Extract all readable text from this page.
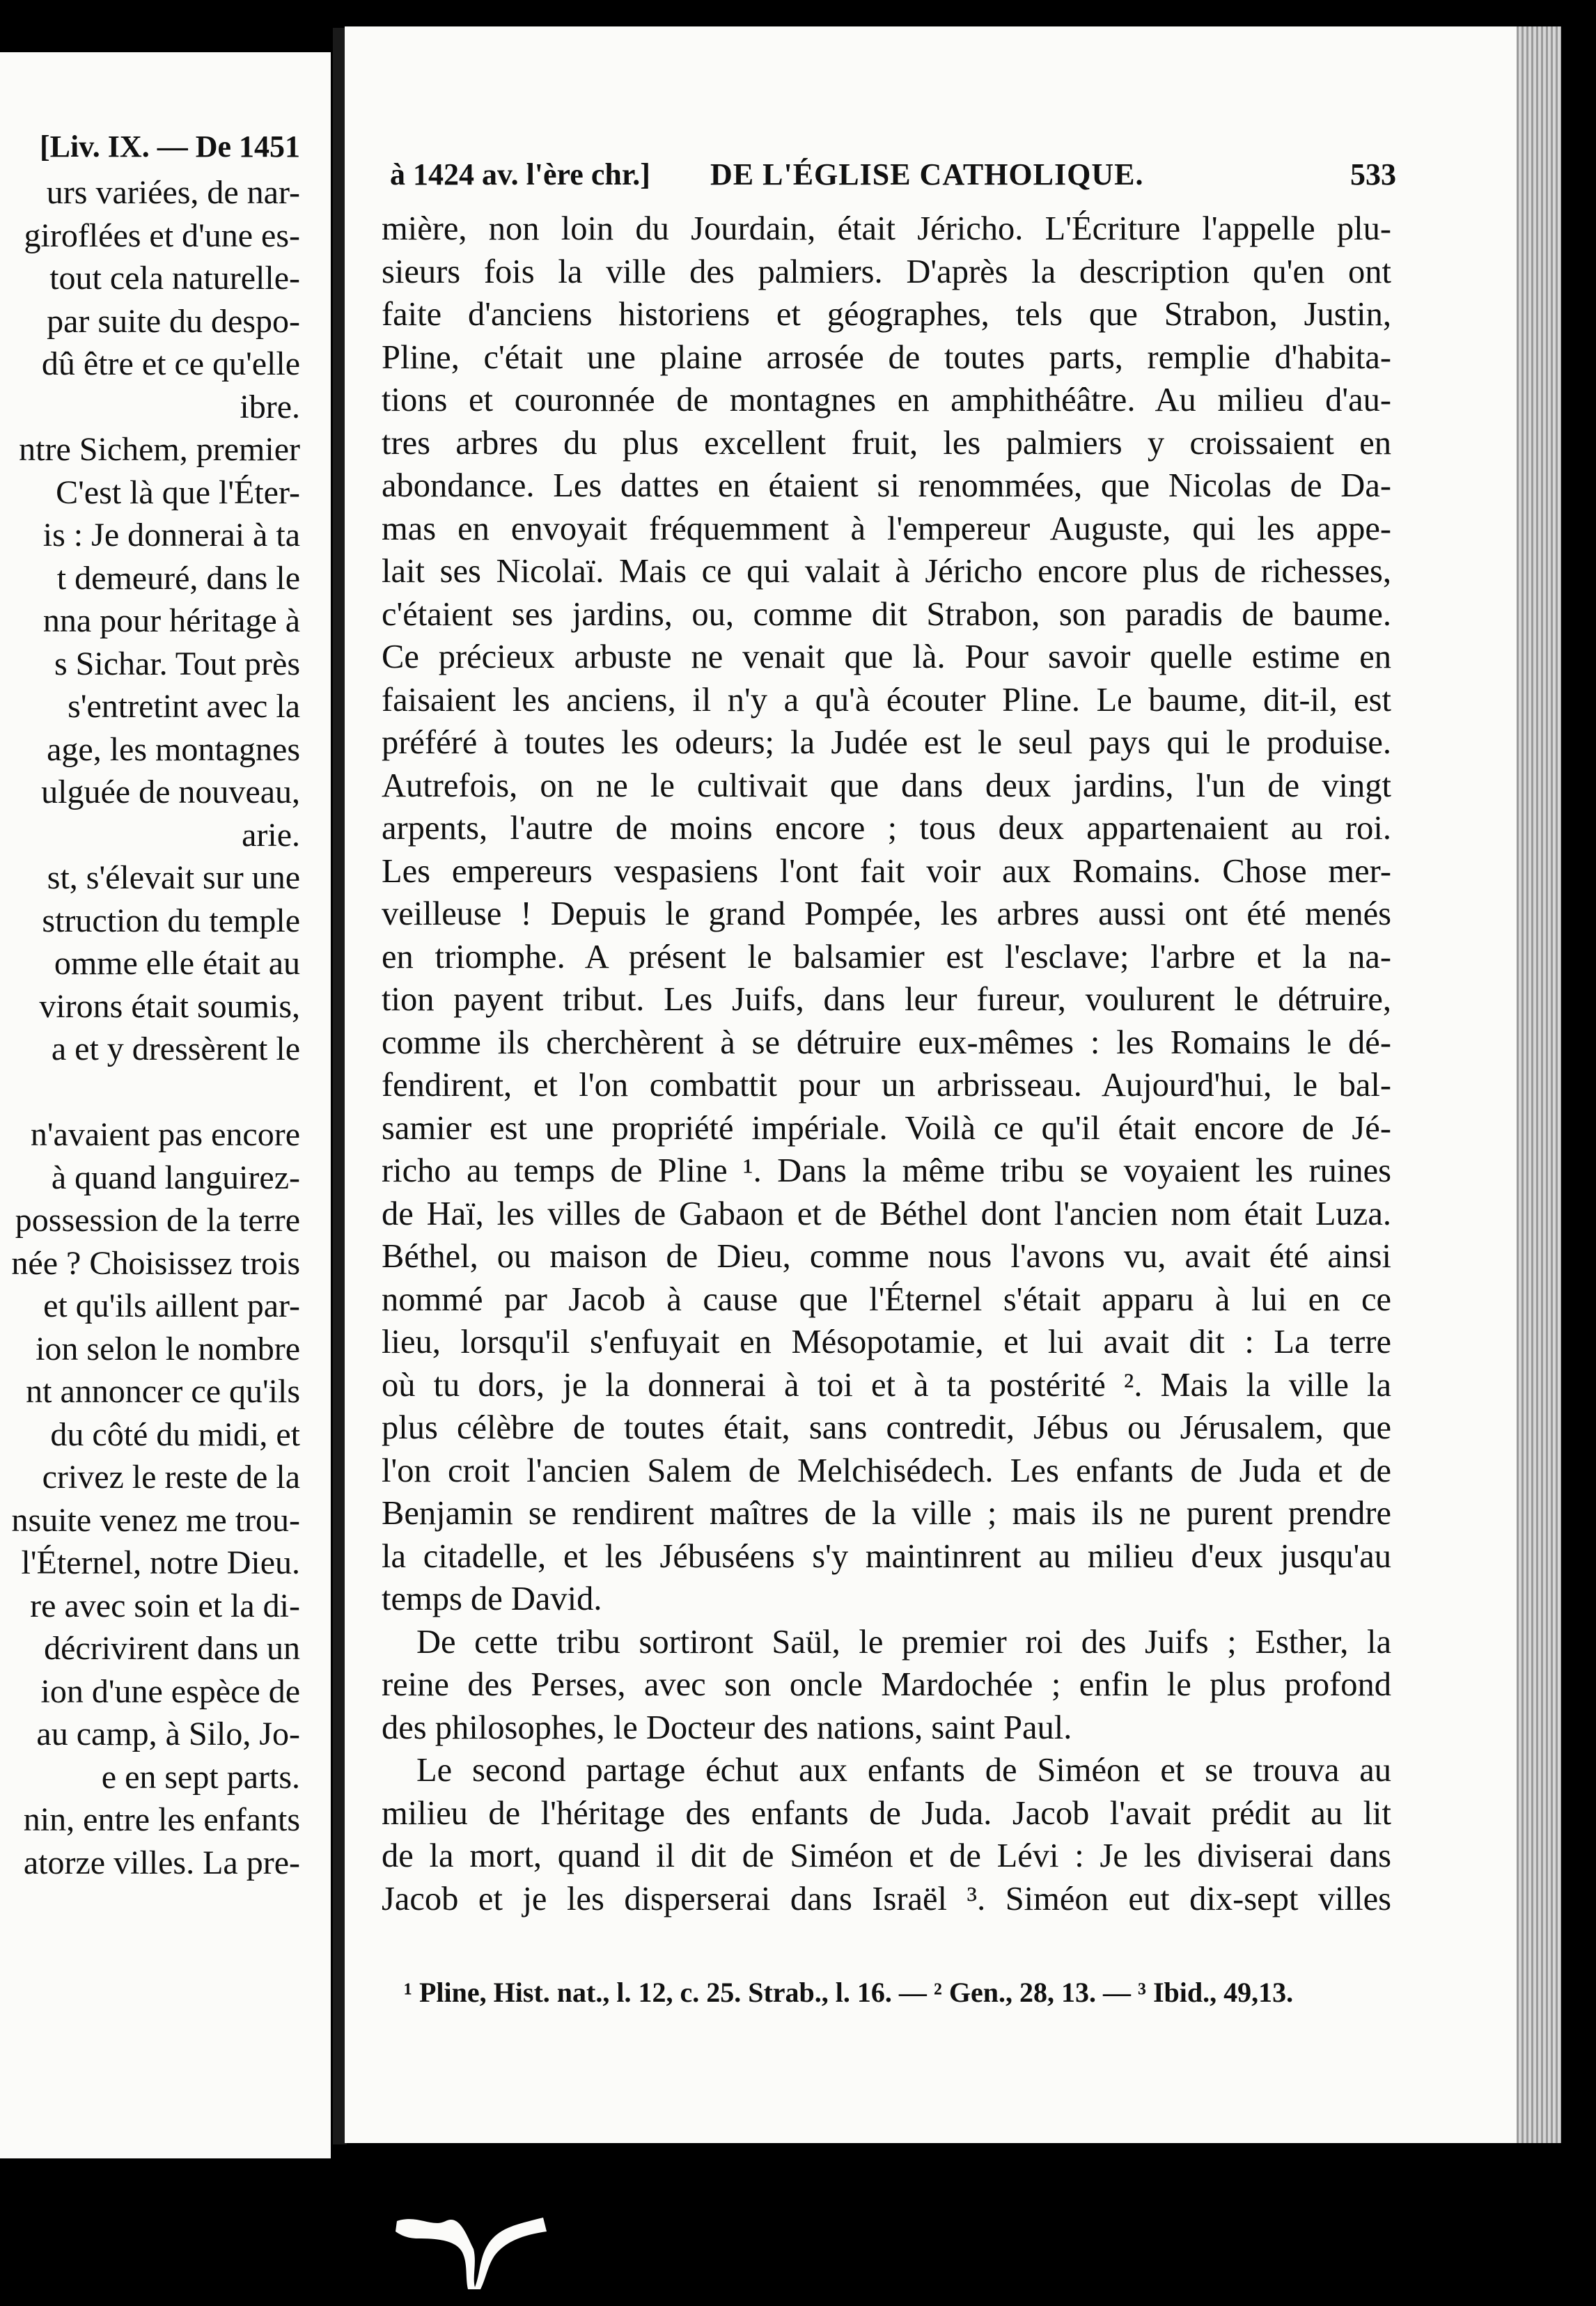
[Liv. IX. — De 1451
urs variées, de nar-
giroflées et d'une es-
tout cela naturelle-
par suite du despo-
dû être et ce qu'elle
ibre.
ntre Sichem, premier
C'est là que l'Éter-
is : Je donnerai à ta
t demeuré, dans le
nna pour héritage à
s Sichar. Tout près
s'entretint avec la
age, les montagnes
ulguée de nouveau,
arie.
st, s'élevait sur une
struction du temple
omme elle était au
virons était soumis,
a et y dressèrent le
n'avaient pas encore
à quand languirez-
possession de la terre
née ? Choisissez trois
et qu'ils aillent par-
ion selon le nombre
nt annoncer ce qu'ils
du côté du midi, et
crivez le reste de la
nsuite venez me trou-
l'Éternel, notre Dieu.
re avec soin et la di-
décrivirent dans un
ion d'une espèce de
au camp, à Silo, Jo-
e en sept parts.
nin, entre les enfants
atorze villes. La pre-
à 1424 av. l'ère chr.] DE L'ÉGLISE CATHOLIQUE.	533
mière, non loin du Jourdain, était Jéricho. L'Écriture l'appelle plu-
sieurs fois la ville des palmiers. D'après la description qu'en ont
faite d'anciens historiens et géographes, tels que Strabon, Justin,
Pline, c'était une plaine arrosée de toutes parts, remplie d'habita-
tions et couronnée de montagnes en amphithéâtre. Au milieu d'au-
tres arbres du plus excellent fruit, les palmiers y croissaient en
abondance. Les dattes en étaient si renommées, que Nicolas de Da-
mas en envoyait fréquemment à l'empereur Auguste, qui les appe-
lait ses Nicolaï. Mais ce qui valait à Jéricho encore plus de richesses,
c'étaient ses jardins, ou, comme dit Strabon, son paradis de baume.
Ce précieux arbuste ne venait que là. Pour savoir quelle estime en
faisaient les anciens, il n'y a qu'à écouter Pline. Le baume, dit-il, est
préféré à toutes les odeurs; la Judée est le seul pays qui le produise.
Autrefois, on ne le cultivait que dans deux jardins, l'un de vingt
arpents, l'autre de moins encore ; tous deux appartenaient au roi.
Les empereurs vespasiens l'ont fait voir aux Romains. Chose mer-
veilleuse ! Depuis le grand Pompée, les arbres aussi ont été menés
en triomphe. A présent le balsamier est l'esclave; l'arbre et la na-
tion payent tribut. Les Juifs, dans leur fureur, voulurent le détruire,
comme ils cherchèrent à se détruire eux-mêmes : les Romains le dé-
fendirent, et l'on combattit pour un arbrisseau. Aujourd'hui, le bal-
samier est une propriété impériale. Voilà ce qu'il était encore de Jé-
richo au temps de Pline ¹. Dans la même tribu se voyaient les ruines
de Haï, les villes de Gabaon et de Béthel dont l'ancien nom était Luza.
Béthel, ou maison de Dieu, comme nous l'avons vu, avait été ainsi
nommé par Jacob à cause que l'Éternel s'était apparu à lui en ce
lieu, lorsqu'il s'enfuyait en Mésopotamie, et lui avait dit : La terre
où tu dors, je la donnerai à toi et à ta postérité ². Mais la ville la
plus célèbre de toutes était, sans contredit, Jébus ou Jérusalem, que
l'on croit l'ancien Salem de Melchisédech. Les enfants de Juda et de
Benjamin se rendirent maîtres de la ville ; mais ils ne purent prendre
la citadelle, et les Jébuséens s'y maintinrent au milieu d'eux jusqu'au
temps de David.
De cette tribu sortiront Saül, le premier roi des Juifs ; Esther, la
reine des Perses, avec son oncle Mardochée ; enfin le plus profond
des philosophes, le Docteur des nations, saint Paul.
Le second partage échut aux enfants de Siméon et se trouva au
milieu de l'héritage des enfants de Juda. Jacob l'avait prédit au lit
de la mort, quand il dit de Siméon et de Lévi : Je les diviserai dans
Jacob et je les disperserai dans Israël ³. Siméon eut dix-sept villes
¹ Pline, Hist. nat., l. 12, c. 25. Strab., l. 16. — ² Gen., 28, 13. — ³ Ibid., 49,13.
